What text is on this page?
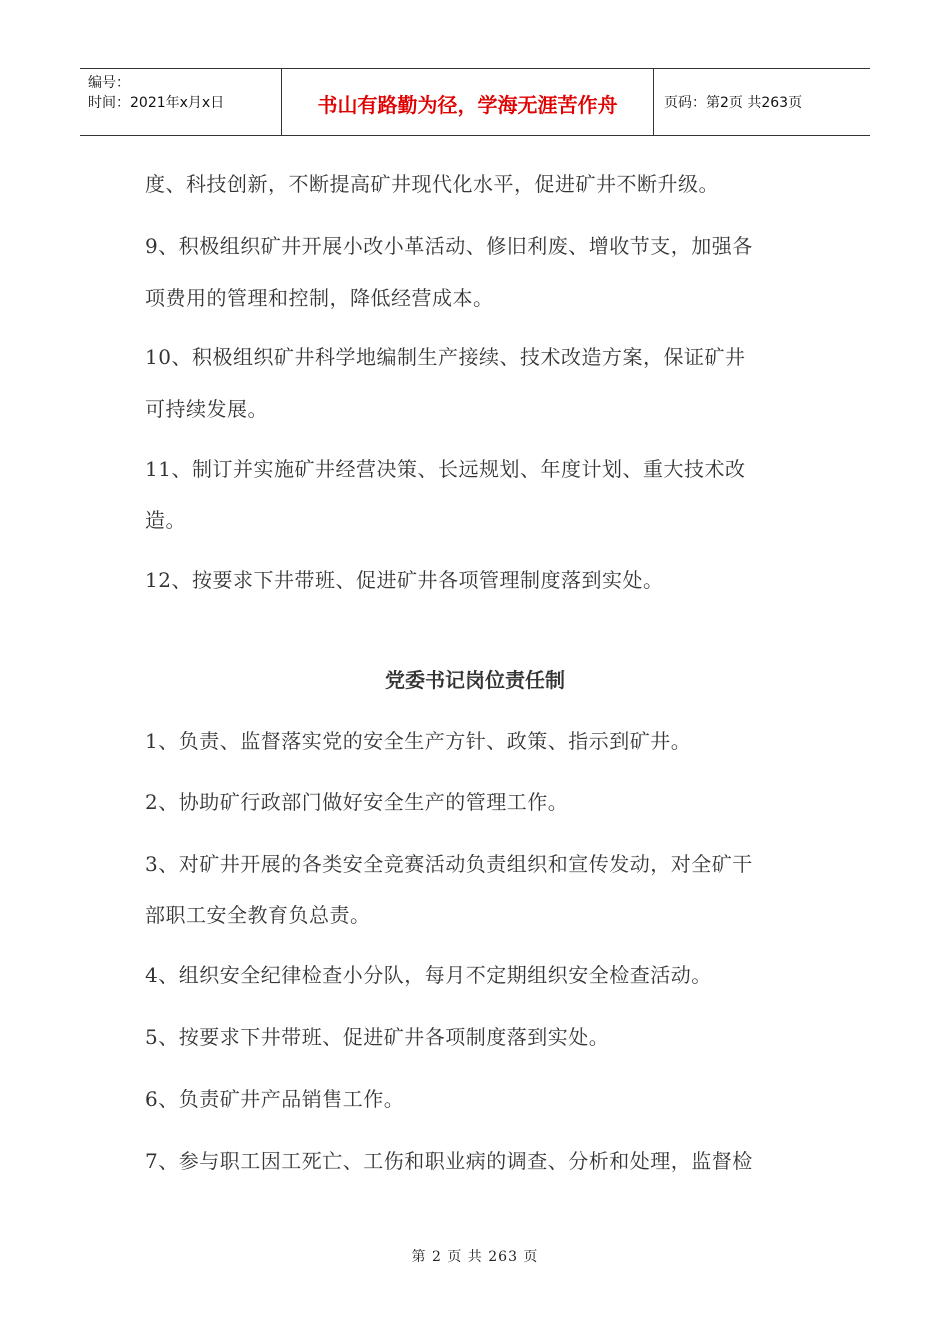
编号：
时间：2021年x月x日	书山有路勤为径，学海无涯苦作舟	页码：第2页 共263页
度、科技创新，不断提高矿井现代化水平，促进矿井不断升级。
9、积极组织矿井开展小改小革活动、修旧利废、增收节支，加强各
项费用的管理和控制，降低经营成本。
10、积极组织矿井科学地编制生产接续、技术改造方案，保证矿井
可持续发展。
11、制订并实施矿井经营决策、长远规划、年度计划、重大技术改
造。
12、按要求下井带班、促进矿井各项管理制度落到实处。
党委书记岗位责任制
1、负责、监督落实党的安全生产方针、政策、指示到矿井。
2、协助矿行政部门做好安全生产的管理工作。
3、对矿井开展的各类安全竞赛活动负责组织和宣传发动，对全矿干
部职工安全教育负总责。
4、组织安全纪律检查小分队，每月不定期组织安全检查活动。
5、按要求下井带班、促进矿井各项制度落到实处。
6、负责矿井产品销售工作。
7、参与职工因工死亡、工伤和职业病的调查、分析和处理，监督检
第 2 页 共 263 页
